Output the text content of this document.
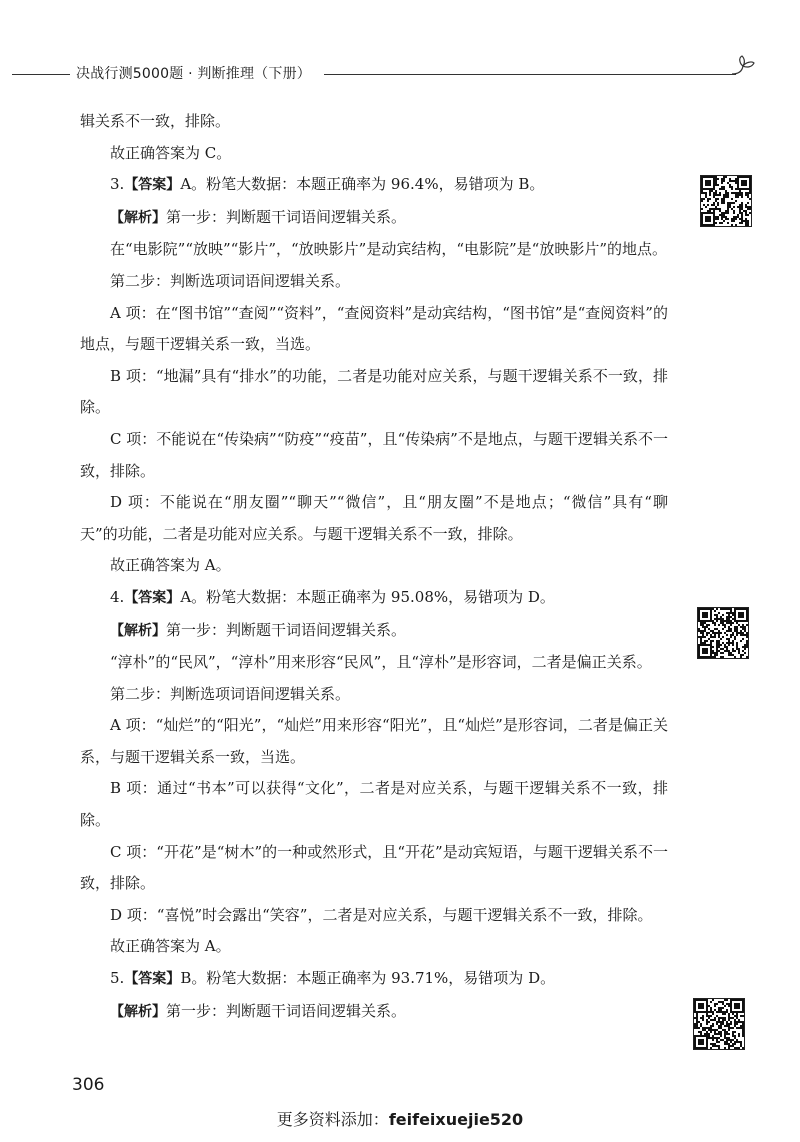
决战行测5000题 · 判断推理（下册）

辑关系不一致，排除。

故正确答案为 C。

3.【答案】A。粉笔大数据：本题正确率为 96.4%，易错项为 B。

【解析】第一步：判断题干词语间逻辑关系。

在“电影院”“放映”“影片”，“放映影片”是动宾结构，“电影院”是“放映影片”的地点。

第二步：判断选项词语间逻辑关系。

A 项：在“图书馆”“查阅”“资料”，“查阅资料”是动宾结构，“图书馆”是“查阅资料”的地点，与题干逻辑关系一致，当选。

B 项：“地漏”具有“排水”的功能，二者是功能对应关系，与题干逻辑关系不一致，排除。

C 项：不能说在“传染病”“防疫”“疫苗”，且“传染病”不是地点，与题干逻辑关系不一致，排除。

D 项：不能说在“朋友圈”“聊天”“微信”，且“朋友圈”不是地点；“微信”具有“聊天”的功能，二者是功能对应关系。与题干逻辑关系不一致，排除。

故正确答案为 A。

4.【答案】A。粉笔大数据：本题正确率为 95.08%，易错项为 D。

【解析】第一步：判断题干词语间逻辑关系。

“淳朴”的“民风”，“淳朴”用来形容“民风”，且“淳朴”是形容词，二者是偏正关系。

第二步：判断选项词语间逻辑关系。

A 项：“灿烂”的“阳光”，“灿烂”用来形容“阳光”，且“灿烂”是形容词，二者是偏正关系，与题干逻辑关系一致，当选。

B 项：通过“书本”可以获得“文化”，二者是对应关系，与题干逻辑关系不一致，排除。

C 项：“开花”是“树木”的一种或然形式，且“开花”是动宾短语，与题干逻辑关系不一致，排除。

D 项：“喜悦”时会露出“笑容”，二者是对应关系，与题干逻辑关系不一致，排除。

故正确答案为 A。

5.【答案】B。粉笔大数据：本题正确率为 93.71%，易错项为 D。

【解析】第一步：判断题干词语间逻辑关系。

306
更多资料添加：feifeixuejie520
